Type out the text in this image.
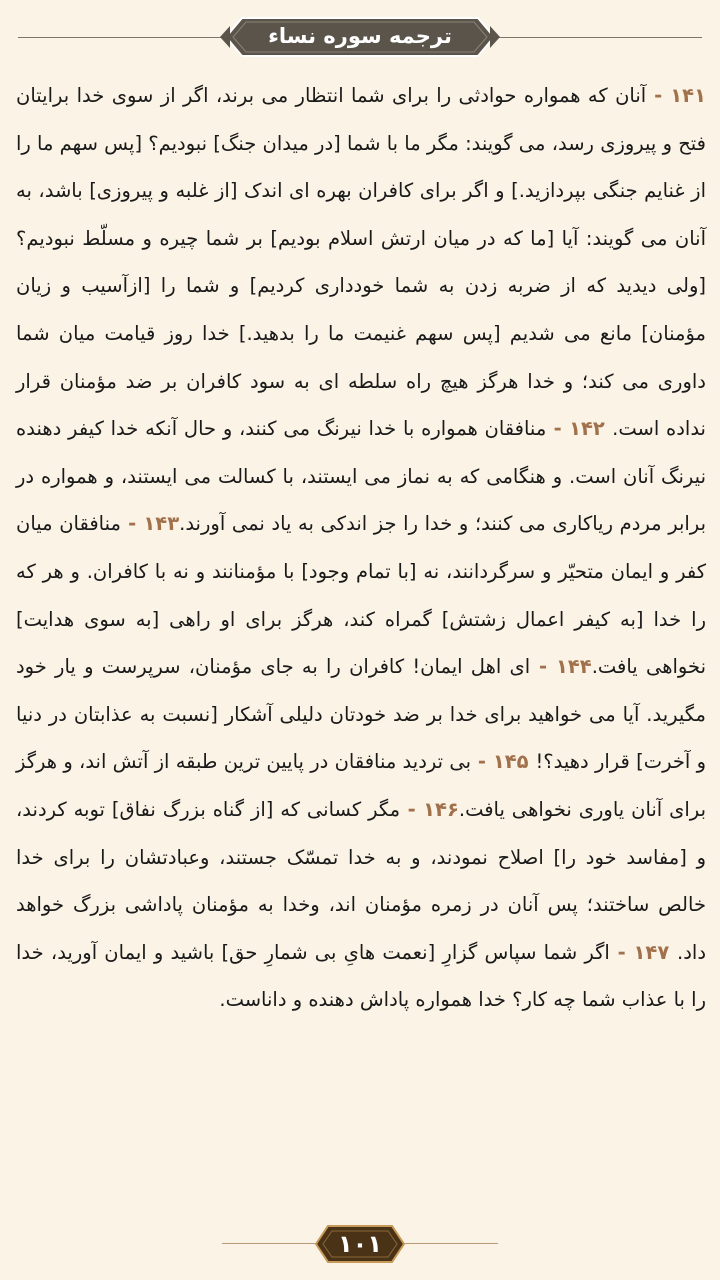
ترجمه سوره نساء

۱۴۱ - آنان که همواره حوادثی را برای شما انتظار می برند، اگر از سوی خدا برایتان فتح و پیروزی رسد، می گویند: مگر ما با شما [در میدان جنگ] نبودیم؟ [پس سهم ما را از غنایم جنگی بپردازید.] و اگر برای کافران بهره ای اندک [از غلبه و پیروزی] باشد، به آنان می گویند: آیا [ما که در میان ارتش اسلام بودیم] بر شما چیره و مسلّط نبودیم؟ [ولی دیدید که از ضربه زدن به شما خودداری کردیم] و شما را [ازآسیب و زیان مؤمنان] مانع می شدیم [پس سهم غنیمت ما را بدهید.] خدا روز قیامت میان شما داوری می کند؛ و خدا هرگز هیچ راه سلطه ای به سود کافران بر ضد مؤمنان قرار نداده است. ۱۴۲ - منافقان همواره با خدا نیرنگ می کنند، و حال آنکه خدا کیفر دهنده نیرنگ آنان است. و هنگامی که به نماز می ایستند، با کسالت می ایستند، و همواره در برابر مردم ریاکاری می کنند؛ و خدا را جز اندکی به یاد نمی آورند.۱۴۳ - منافقان میان کفر و ایمان متحیّر و سرگردانند، نه [با تمام وجود] با مؤمنانند و نه با کافران. و هر که را خدا [به کیفر اعمال زشتش] گمراه کند، هرگز برای او راهی [به سوی هدایت] نخواهی یافت.۱۴۴ - ای اهل ایمان! کافران را به جای مؤمنان، سرپرست و یار خود مگیرید. آیا می خواهید برای خدا بر ضد خودتان دلیلی آشکار [نسبت به عذابتان در دنیا و آخرت] قرار دهید؟! ۱۴۵ - بی تردید منافقان در پایین ترین طبقه از آتش اند، و هرگز برای آنان یاوری نخواهی یافت.۱۴۶ - مگر کسانی که [از گناه بزرگ نفاق] توبه کردند، و [مفاسد خود را] اصلاح نمودند، و به خدا تمسّک جستند، وعبادتشان را برای خدا خالص ساختند؛ پس آنان در زمره مؤمنان اند، وخدا به مؤمنان پاداشی بزرگ خواهد داد. ۱۴۷ - اگر شما سپاس گزارِ [نعمت هایِ بی شمارِ حق] باشید و ایمان آورید، خدا را با عذاب شما چه کار؟ خدا همواره پاداش دهنده و داناست.

۱۰۱
